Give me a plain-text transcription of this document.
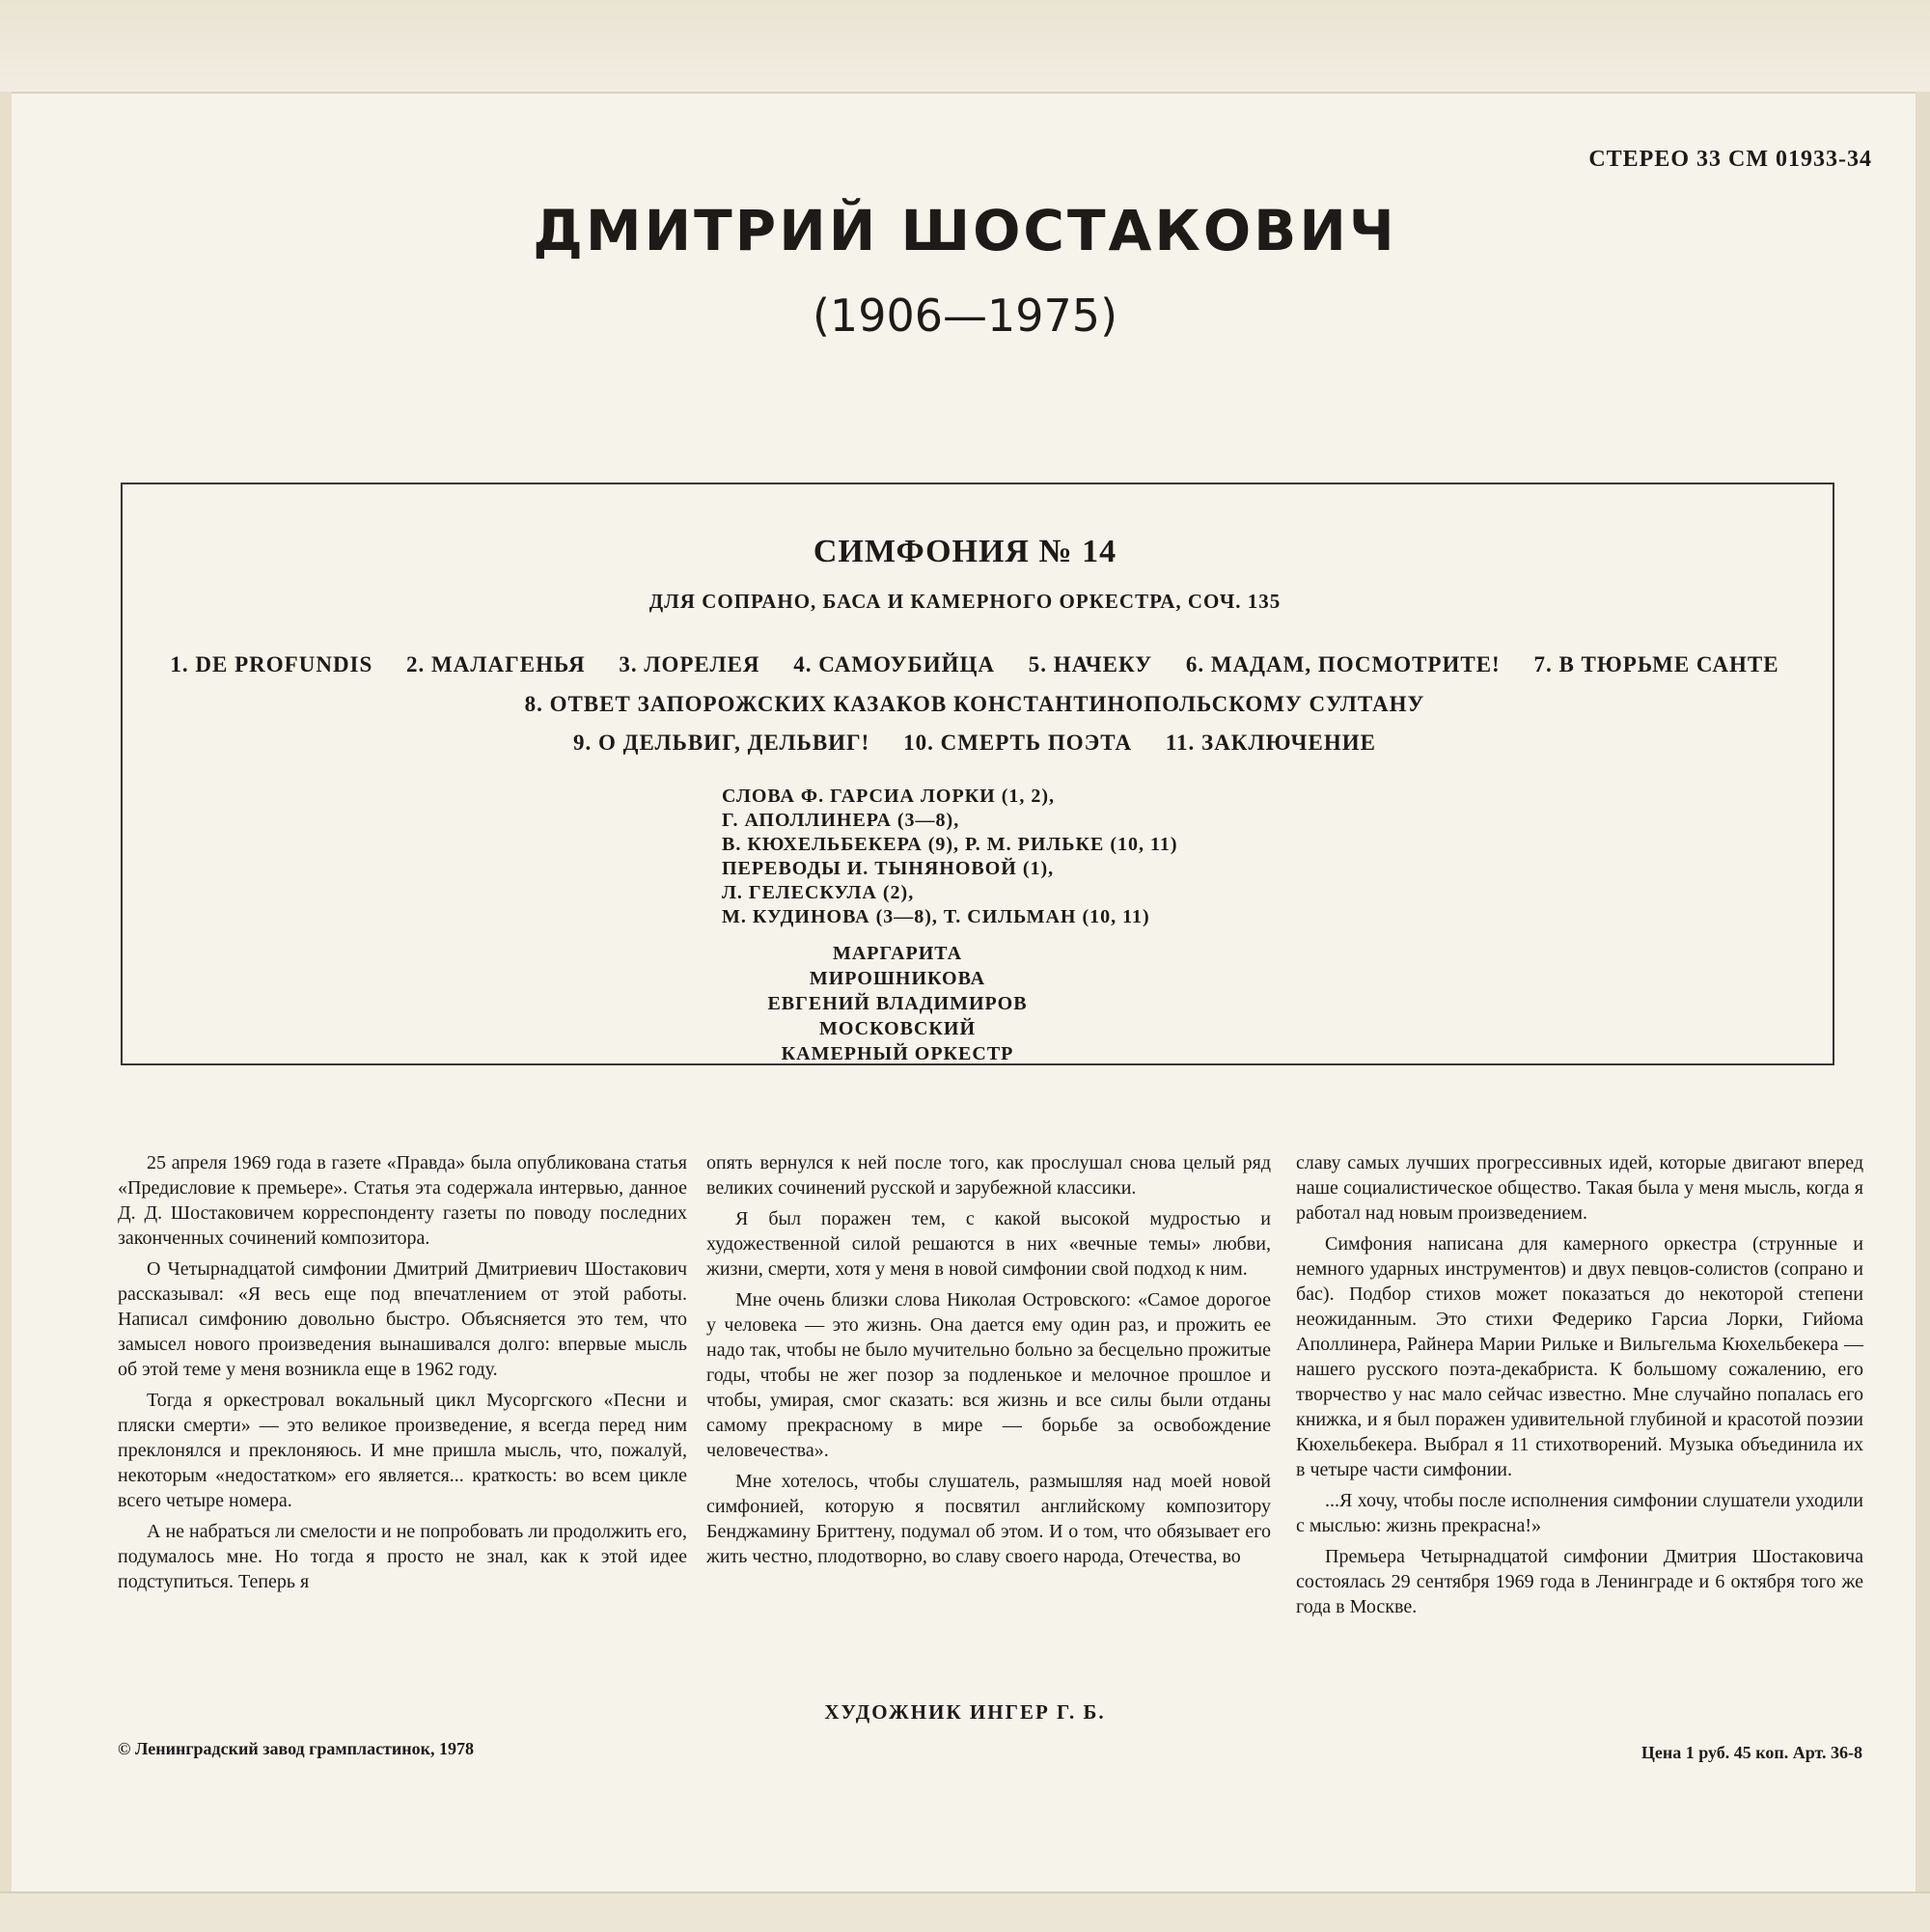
СТЕРЕО 33 СМ 01933-34
ДМИТРИЙ ШОСТАКОВИЧ
(1906—1975)
СИМФОНИЯ № 14
ДЛЯ СОПРАНО, БАСА И КАМЕРНОГО ОРКЕСТРА, СОЧ. 135
1. DE PROFUNDIS 2. МАЛАГЕНЬЯ 3. ЛОРЕЛЕЯ 4. САМОУБИЙЦА 5. НАЧЕКУ 6. МАДАМ, ПОСМОТРИТЕ! 7. В ТЮРЬМЕ САНТЕ
8. ОТВЕТ ЗАПОРОЖСКИХ КАЗАКОВ КОНСТАНТИНОПОЛЬСКОМУ СУЛТАНУ
9. О ДЕЛЬВИГ, ДЕЛЬВИГ! 10. СМЕРТЬ ПОЭТА 11. ЗАКЛЮЧЕНИЕ
СЛОВА Ф. ГАРСИА ЛОРКИ (1, 2),
Г. АПОЛЛИНЕРА (3—8),
В. КЮХЕЛЬБЕКЕРА (9), Р. М. РИЛЬКЕ (10, 11)
ПЕРЕВОДЫ И. ТЫНЯНОВОЙ (1),
Л. ГЕЛЕСКУЛА (2),
М. КУДИНОВА (3—8), Т. СИЛЬМАН (10, 11)
МАРГАРИТА МИРОШНИКОВА
ЕВГЕНИЙ ВЛАДИМИРОВ
МОСКОВСКИЙ КАМЕРНЫЙ ОРКЕСТР

25 апреля 1969 года в газете «Правда» была опубликована статья «Предисловие к премьере». Статья эта содержала интервью, данное Д. Д. Шостаковичем корреспонденту газеты по поводу последних законченных сочинений композитора.

О Четырнадцатой симфонии Дмитрий Дмитриевич Шостакович рассказывал: «Я весь еще под впечатлением от этой работы. Написал симфонию довольно быстро. Объясняется это тем, что замысел нового произведения вынашивался долго: впервые мысль об этой теме у меня возникла еще в 1962 году.

Тогда я оркестровал вокальный цикл Мусоргского «Песни и пляски смерти» — это великое произведение, я всегда перед ним преклонялся и преклоняюсь. И мне пришла мысль, что, пожалуй, некоторым «недостатком» его является... краткость: во всем цикле всего четыре номера.

А не набраться ли смелости и не попробовать ли продолжить его, подумалось мне. Но тогда я просто не знал, как к этой идее подступиться. Теперь я

опять вернулся к ней после того, как прослушал снова целый ряд великих сочинений русской и зарубежной классики.

Я был поражен тем, с какой высокой мудростью и художественной силой решаются в них «вечные темы» любви, жизни, смерти, хотя у меня в новой симфонии свой подход к ним.

Мне очень близки слова Николая Островского: «Самое дорогое у человека — это жизнь. Она дается ему один раз, и прожить ее надо так, чтобы не было мучительно больно за бесцельно прожитые годы, чтобы не жег позор за подленькое и мелочное прошлое и чтобы, умирая, смог сказать: вся жизнь и все силы были отданы самому прекрасному в мире — борьбе за освобождение человечества».

Мне хотелось, чтобы слушатель, размышляя над моей новой симфонией, которую я посвятил английскому композитору Бенджамину Бриттену, подумал об этом. И о том, что обязывает его жить честно, плодотворно, во славу своего народа, Отечества, во

славу самых лучших прогрессивных идей, которые двигают вперед наше социалистическое общество. Такая была у меня мысль, когда я работал над новым произведением.

Симфония написана для камерного оркестра (струнные и немного ударных инструментов) и двух певцов-солистов (сопрано и бас). Подбор стихов может показаться до некоторой степени неожиданным. Это стихи Федерико Гарсиа Лорки, Гийома Аполлинера, Райнера Марии Рильке и Вильгельма Кюхельбекера — нашего русского поэта-декабриста. К большому сожалению, его творчество у нас мало сейчас известно. Мне случайно попалась его книжка, и я был поражен удивительной глубиной и красотой поэзии Кюхельбекера. Выбрал я 11 стихотворений. Музыка объединила их в четыре части симфонии.

...Я хочу, чтобы после исполнения симфонии слушатели уходили с мыслью: жизнь прекрасна!»

Премьера Четырнадцатой симфонии Дмитрия Шостаковича состоялась 29 сентября 1969 года в Ленинграде и 6 октября того же года в Москве.

ХУДОЖНИК ИНГЕР Г. Б.
© Ленинградский завод грампластинок, 1978	Цена 1 руб. 45 коп. Арт. 36-8
